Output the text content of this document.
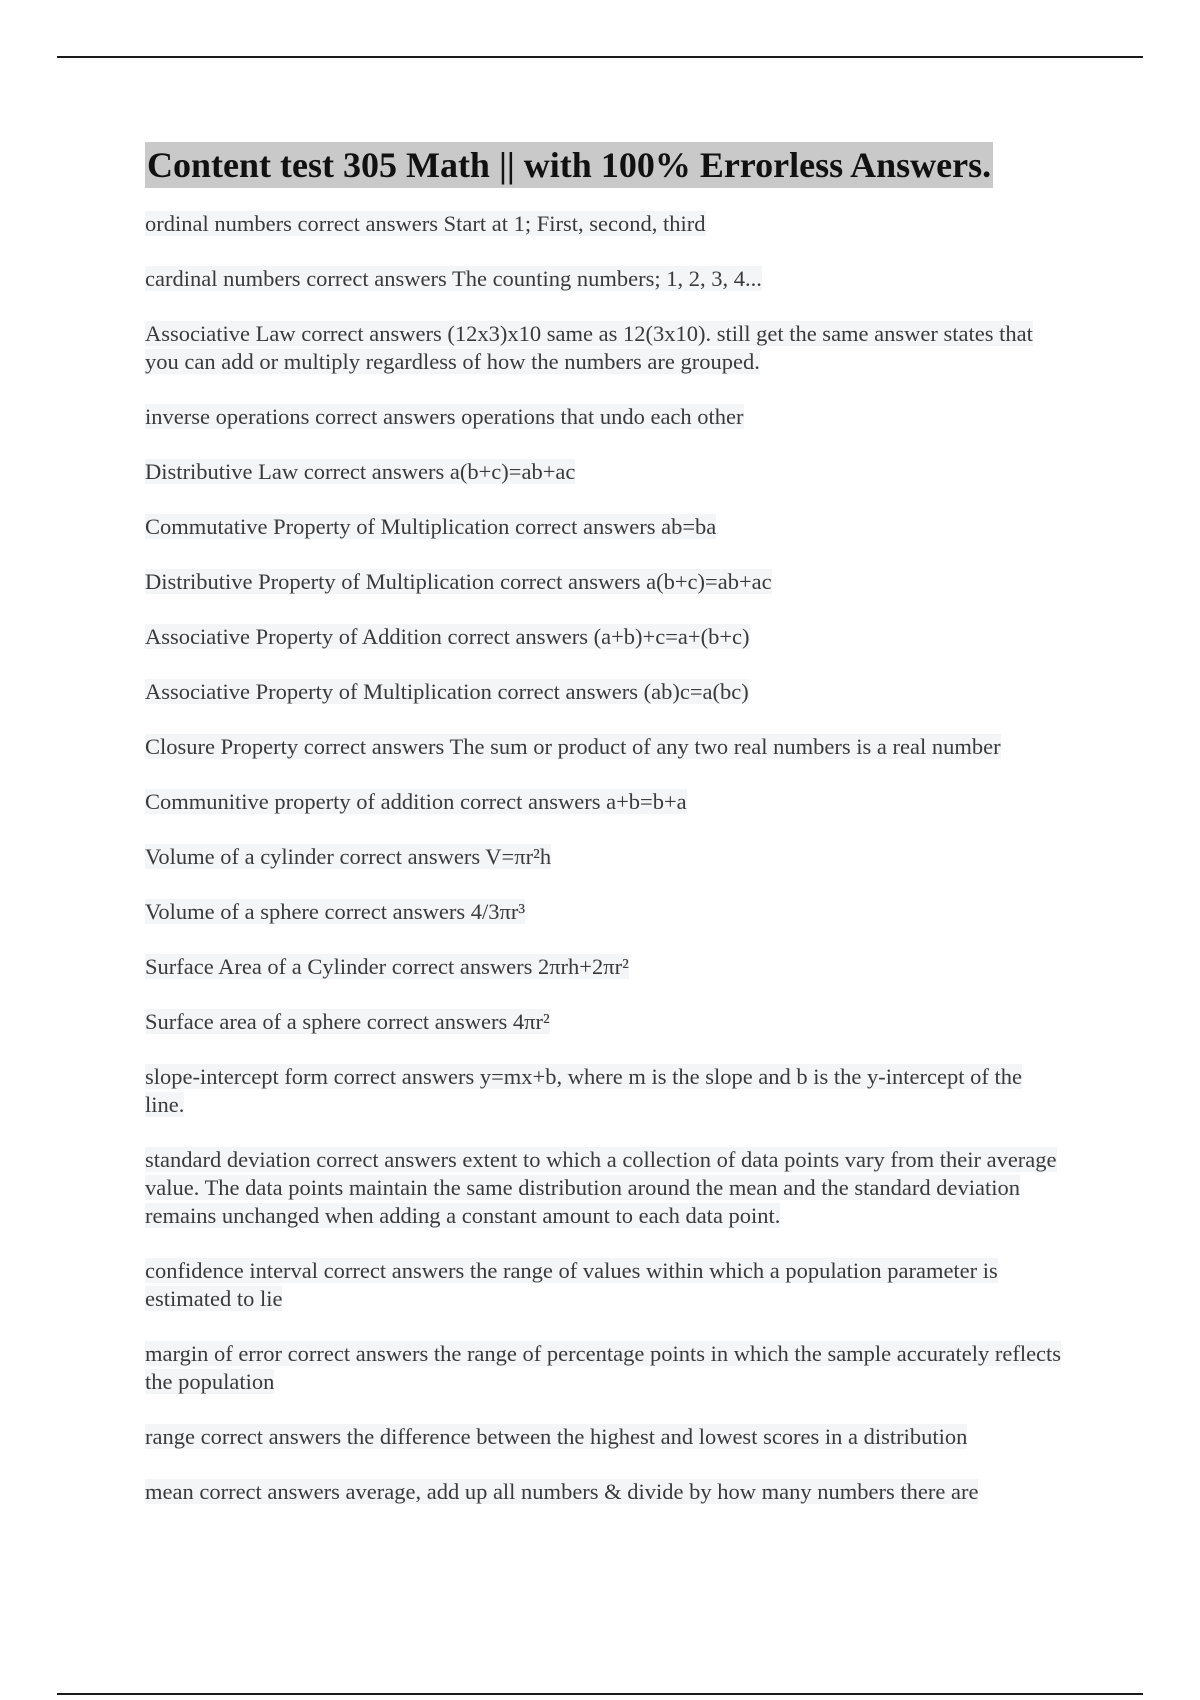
Content test 305 Math || with 100% Errorless Answers.
ordinal numbers correct answers Start at 1; First, second, third
cardinal numbers correct answers The counting numbers; 1, 2, 3, 4...
Associative Law correct answers (12x3)x10 same as 12(3x10). still get the same answer states that you can add or multiply regardless of how the numbers are grouped.
inverse operations correct answers operations that undo each other
Distributive Law correct answers a(b+c)=ab+ac
Commutative Property of Multiplication correct answers ab=ba
Distributive Property of Multiplication correct answers a(b+c)=ab+ac
Associative Property of Addition correct answers (a+b)+c=a+(b+c)
Associative Property of Multiplication correct answers (ab)c=a(bc)
Closure Property correct answers The sum or product of any two real numbers is a real number
Communitive property of addition correct answers a+b=b+a
Volume of a cylinder correct answers V=πr²h
Volume of a sphere correct answers 4/3πr³
Surface Area of a Cylinder correct answers 2πrh+2πr²
Surface area of a sphere correct answers 4πr²
slope-intercept form correct answers y=mx+b, where m is the slope and b is the y-intercept of the line.
standard deviation correct answers extent to which a collection of data points vary from their average value. The data points maintain the same distribution around the mean and the standard deviation remains unchanged when adding a constant amount to each data point.
confidence interval correct answers the range of values within which a population parameter is estimated to lie
margin of error correct answers the range of percentage points in which the sample accurately reflects the population
range correct answers the difference between the highest and lowest scores in a distribution
mean correct answers average, add up all numbers & divide by how many numbers there are
